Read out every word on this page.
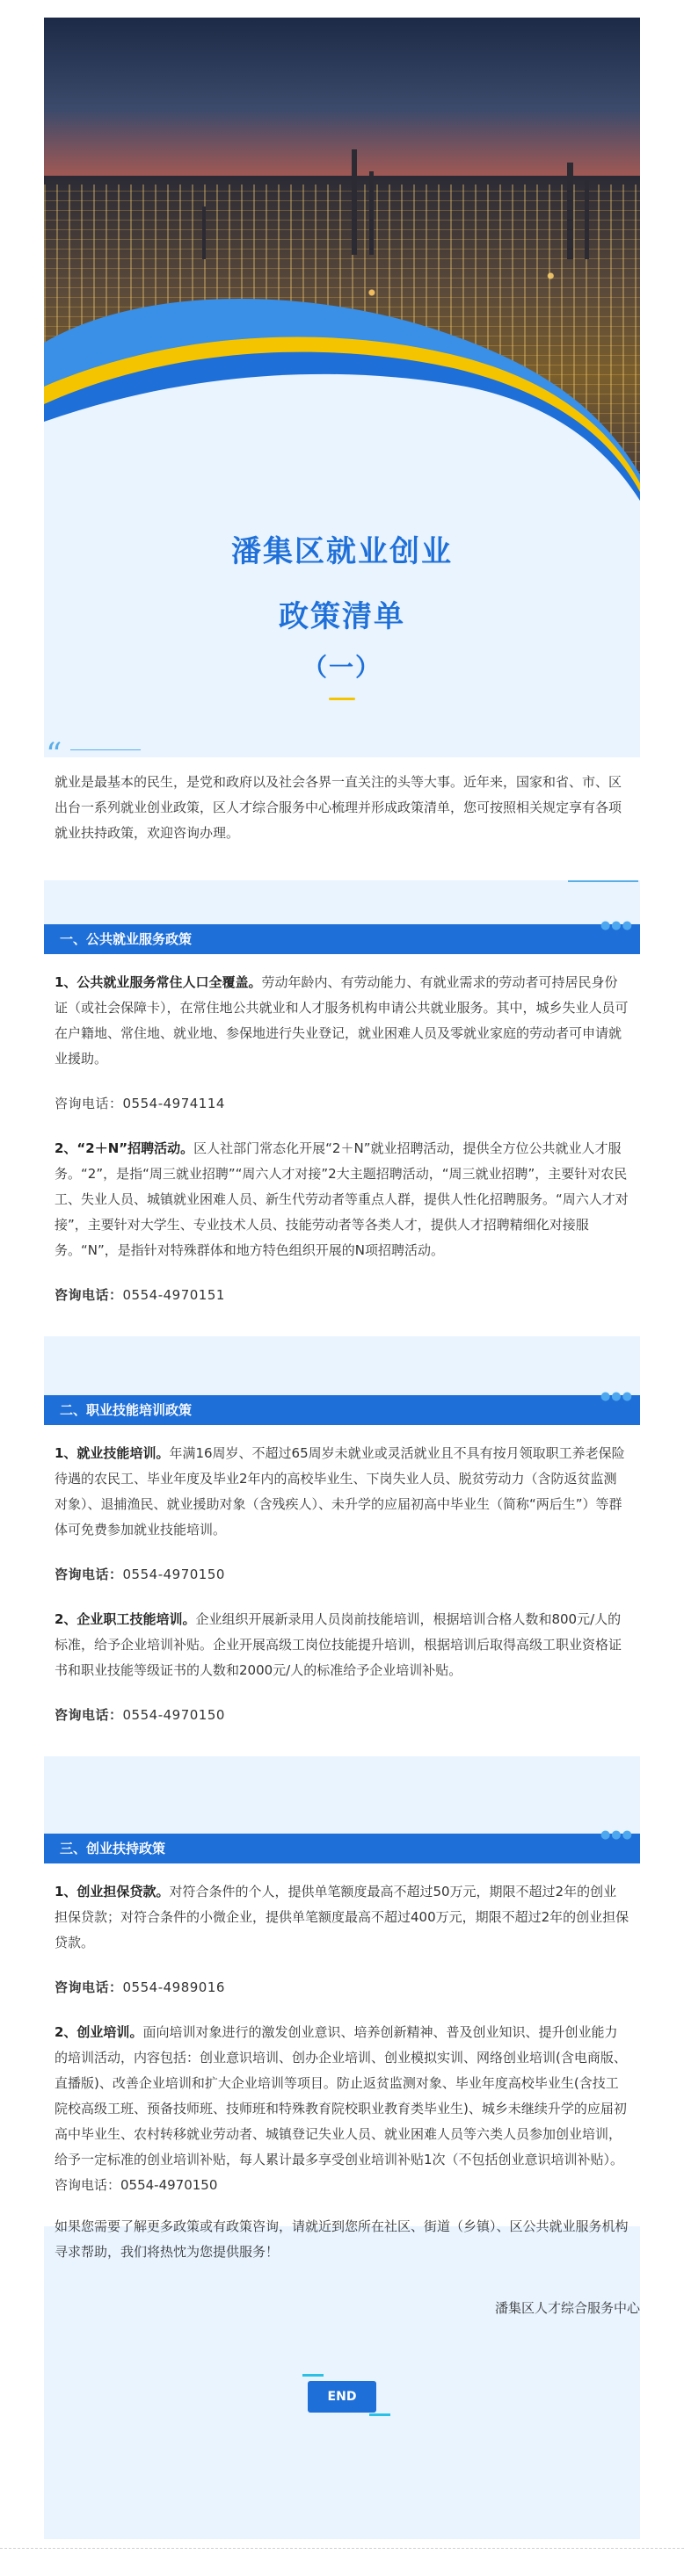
潘集区就业创业
政策清单
（一）
“
就业是最基本的民生，是党和政府以及社会各界一直关注的头等大事。近年来，国家和省、市、区出台一系列就业创业政策，区人才综合服务中心梳理并形成政策清单，您可按照相关规定享有各项就业扶持政策，欢迎咨询办理。
一、公共就业服务政策
●●●

1、公共就业服务常住人口全覆盖。劳动年龄内、有劳动能力、有就业需求的劳动者可持居民身份证（或社会保障卡），在常住地公共就业和人才服务机构申请公共就业服务。其中，城乡失业人员可在户籍地、常住地、就业地、参保地进行失业登记，就业困难人员及零就业家庭的劳动者可申请就业援助。

咨询电话：0554-4974114

2、“2＋N”招聘活动。区人社部门常态化开展“2＋N”就业招聘活动，提供全方位公共就业人才服务。“2”，是指“周三就业招聘”“周六人才对接”2大主题招聘活动，“周三就业招聘”，主要针对农民工、失业人员、城镇就业困难人员、新生代劳动者等重点人群，提供人性化招聘服务。“周六人才对接”，主要针对大学生、专业技术人员、技能劳动者等各类人才，提供人才招聘精细化对接服务。“N”，是指针对特殊群体和地方特色组织开展的N项招聘活动。

咨询电话：0554-4970151

二、职业技能培训政策
●●●

1、就业技能培训。年满16周岁、不超过65周岁未就业或灵活就业且不具有按月领取职工养老保险待遇的农民工、毕业年度及毕业2年内的高校毕业生、下岗失业人员、脱贫劳动力（含防返贫监测对象）、退捕渔民、就业援助对象（含残疾人）、未升学的应届初高中毕业生（简称“两后生”）等群体可免费参加就业技能培训。

咨询电话：0554-4970150

2、企业职工技能培训。企业组织开展新录用人员岗前技能培训，根据培训合格人数和800元/人的标准，给予企业培训补贴。企业开展高级工岗位技能提升培训，根据培训后取得高级工职业资格证书和职业技能等级证书的人数和2000元/人的标准给予企业培训补贴。

咨询电话：0554-4970150

三、创业扶持政策
●●●

1、创业担保贷款。对符合条件的个人，提供单笔额度最高不超过50万元，期限不超过2年的创业担保贷款；对符合条件的小微企业，提供单笔额度最高不超过400万元，期限不超过2年的创业担保贷款。

咨询电话：0554-4989016

2、创业培训。面向培训对象进行的激发创业意识、培养创新精神、普及创业知识、提升创业能力的培训活动，内容包括：创业意识培训、创办企业培训、创业模拟实训、网络创业培训(含电商版、直播版)、改善企业培训和扩大企业培训等项目。防止返贫监测对象、毕业年度高校毕业生(含技工院校高级工班、预备技师班、技师班和特殊教育院校职业教育类毕业生)、城乡未继续升学的应届初高中毕业生、农村转移就业劳动者、城镇登记失业人员、就业困难人员等六类人员参加创业培训，给予一定标准的创业培训补贴，每人累计最多享受创业培训补贴1次（不包括创业意识培训补贴）。咨询电话：0554-4970150

如果您需要了解更多政策或有政策咨询，请就近到您所在社区、街道（乡镇）、区公共就业服务机构寻求帮助，我们将热忱为您提供服务！
潘集区人才综合服务中心
END
